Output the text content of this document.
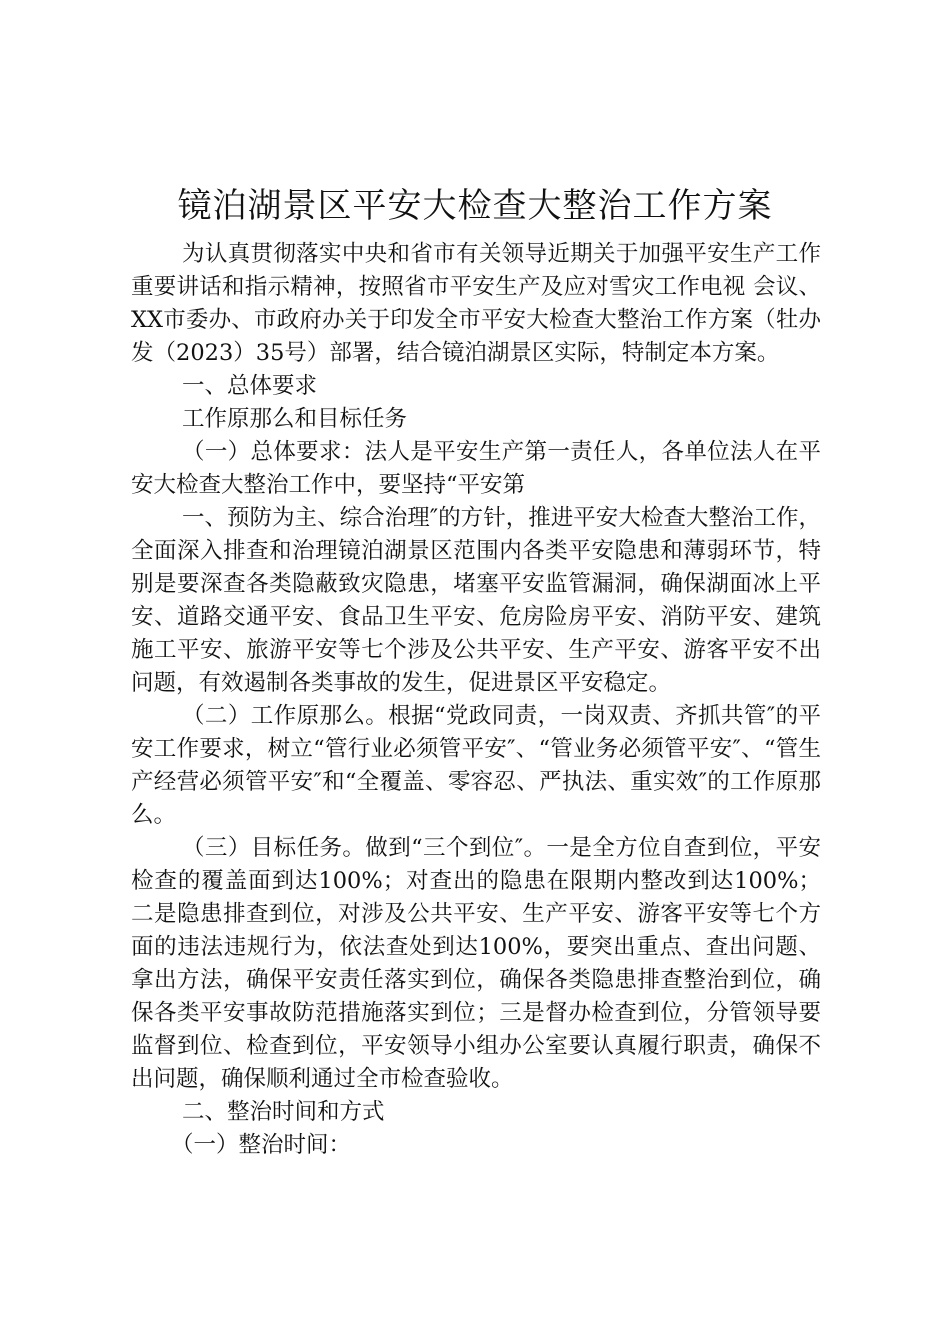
镜泊湖景区平安大检查大整治工作方案

为认真贯彻落实中央和省市有关领导近期关于加强平安生产工作重要讲话和指示精神，按照省市平安生产及应对雪灾工作电视 会议、XX市委办、市政府办关于印发全市平安大检查大整治工作方案（牡办发（2023）35号）部署，结合镜泊湖景区实际，特制定本方案。

一、总体要求

工作原那么和目标任务

（一）总体要求：法人是平安生产第一责任人，各单位法人在平安大检查大整治工作中，要坚持“平安第

一、预防为主、综合治理″的方针，推进平安大检查大整治工作，全面深入排查和治理镜泊湖景区范围内各类平安隐患和薄弱环节，特别是要深查各类隐蔽致灾隐患，堵塞平安监管漏洞，确保湖面冰上平安、道路交通平安、食品卫生平安、危房险房平安、消防平安、建筑施工平安、旅游平安等七个涉及公共平安、生产平安、游客平安不出问题，有效遏制各类事故的发生，促进景区平安稳定。

（二）工作原那么。根据“党政同责，一岗双责、齐抓共管″的平安工作要求，树立“管行业必须管平安″、“管业务必须管平安″、“管生产经营必须管平安″和“全覆盖、零容忍、严执法、重实效″的工作原那么。

（三）目标任务。做到“三个到位″。一是全方位自查到位，平安检查的覆盖面到达100%；对查出的隐患在限期内整改到达100%；二是隐患排查到位，对涉及公共平安、生产平安、游客平安等七个方面的违法违规行为，依法查处到达100%，要突出重点、查出问题、拿出方法，确保平安责任落实到位，确保各类隐患排查整治到位，确保各类平安事故防范措施落实到位；三是督办检查到位，分管领导要监督到位、检查到位，平安领导小组办公室要认真履行职责，确保不出问题，确保顺利通过全市检查验收。

二、整治时间和方式

（一）整治时间：
